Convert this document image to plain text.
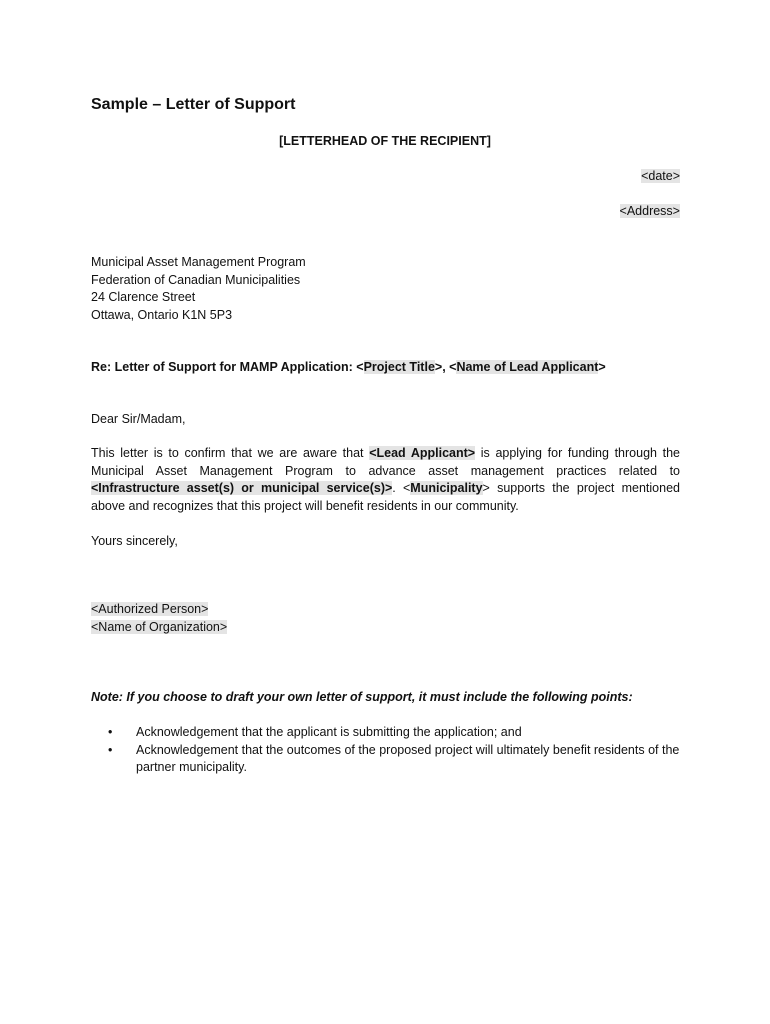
Sample – Letter of Support
[LETTERHEAD OF THE RECIPIENT]
<date>
<Address>
Municipal Asset Management Program
Federation of Canadian Municipalities
24 Clarence Street
Ottawa, Ontario K1N 5P3
Re: Letter of Support for MAMP Application: <Project Title>, <Name of Lead Applicant>
Dear Sir/Madam,
This letter is to confirm that we are aware that <Lead Applicant> is applying for funding through the Municipal Asset Management Program to advance asset management practices related to <Infrastructure asset(s) or municipal service(s)>. <Municipality> supports the project mentioned above and recognizes that this project will benefit residents in our community.
Yours sincerely,
<Authorized Person>
<Name of Organization>
Note: If you choose to draft your own letter of support, it must include the following points:
• Acknowledgement that the applicant is submitting the application; and
• Acknowledgement that the outcomes of the proposed project will ultimately benefit residents of the partner municipality.
